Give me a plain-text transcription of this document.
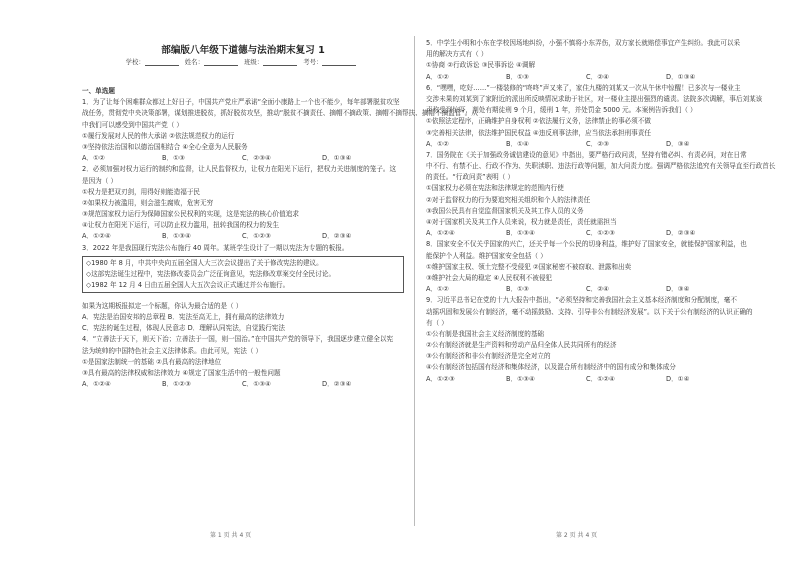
部编版八年级下道德与法治期末复习 1
学校：	姓名：	班级：	考号：
一、单选题
1．为了让每个困难群众都过上好日子，中国共产党庄严承诺“全面小康路上一个也不能少，每年部署脱贫攻坚
战任务，贯彻党中央决策部署，谋划推进脱贫，抓好脱贫攻坚，推动“脱贫不摘责任、摘帽不摘政策、摘帽不摘帮扶、摘帽不摘监管”。从
中我们可以感受到中国共产党（ ）
①履行发展对人民的伟大承诺 ②依法规范权力的运行
③坚持依法治国和以德治国相结合 ④全心全意为人民服务
A．①②	B．①③	C．②③④	D．①③④
2．必须加强对权力运行的制约和监督，让人民监督权力，让权力在阳光下运行，把权力关进制度的笼子。这
是因为（ ）
①权力是把双刃剑，用得好则能造福于民
②如果权力被滥用，则会滋生腐败，危害无穷
③规范国家权力运行为保障国家公民权利的实现，这是宪法的核心价值追求
④让权力在阳光下运行，可以防止权力滥用，扭转我国的权力的发生
A．①②④	B．①③④	C．①②③	D．②③④
3．2022 年是我国现行宪法公布施行 40 周年。某班学生设计了一期以宪法为专题的板报。
◇1980 年 8 月，中共中央向五届全国人大三次会议提出了关于修改宪法的建议。
◇这部宪法诞生过程中，宪法修改委员会广泛征询意见，宪法修改草案交付全民讨论。
◇1982 年 12 月 4 日由五届全国人大五次会议正式通过并公布施行。
如果为这期板报拟定一个标题，你认为最合适的是（ ）
A．宪法是治国安邦的总章程 B．宪法至高无上，拥有最高的法律效力
C．宪法的诞生过程，体现人民意志 D．理解认同宪法，自觉践行宪法
4．“立善法于天下，则天下治；立善法于一国，则一国治。”在中国共产党的领导下，我国逐步建立健全以宪
法为统帅的中国特色社会主义法律体系。由此可见，宪法（ ）
①是国家法制统一的基础 ②具有最高的法律地位
③具有最高的法律权威和法律效力 ④规定了国家生活中的一般性问题
A．①②④	B．①②③	C．①③④	D．②③④
5．中学生小明和小东在学校因场地纠纷，小强不慎将小东弄伤，双方家长就赔偿事宜产生纠纷。我此可以采
用的解决方式有（ ）
①协商 ②行政诉讼 ③民事诉讼 ④调解
A．①②	B．①③	C．②④	D．①③④
6．“嘿嘿，吃好……”一楼装修的“咚咚”声又来了，家住九楼的刘某又一次从午休中惊醒！已多次与一楼业主
交涉未果的刘某到了家附近的派出所反映情况求助于社区，对一楼业主提出强烈的谴责。法院多次调解，事后刘某该
声称受到惊吓，判处有期徒刑 9 个月，缓刑 1 年，并处罚金 5000 元。本案例告诉我们（ ）
①依照法定程序，正确维护自身权利 ②依法履行义务，法律禁止的事必须不做
③完善相关法律，依法维护国民权益 ④违反刑事法律，应当依法承担刑事责任
A．①②	B．①④	C．②③	D．③④
7．国务院在《关于加强政务诚信建设的意见》中指出，要严格行政问责，坚持有错必纠、有责必问，对在日常
中不行、有禁不止、行政不作为、失职渎职、违法行政等问题，加大问责力度。强调严格依法追究有关领导直至行政首长
的责任。“行政问责”表明（ ）
①国家权力必须在宪法和法律规定的范围内行使
②对于监督权力的行为要追究相关组织和个人的法律责任
③我国公民具有自觉监督国家机关及其工作人员的义务
④对于国家机关及其工作人员来说，权力就是责任，责任就需担当
A．①②④	B．①③④	C．①②③	D．②③④
8．国家安全不仅关乎国家的兴亡，还关乎每一个公民的切身利益，维护好了国家安全，就能保护国家利益，也
能保护个人利益。维护国家安全包括（ ）
①维护国家主权、领土完整不受侵犯 ②国家秘密不被窃取、泄露和出卖
③维护社会大局的稳定 ④人民权利不被侵犯
A．①②	B．①③	C．②④	D．③④
9．习近平总书记在党的十九大报告中指出，“必须坚持和完善我国社会主义基本经济制度和分配制度，毫不
动摇巩固和发展公有制经济，毫不动摇鼓励、支持、引导非公有制经济发展”。以下关于公有制经济的认识正确的
有（ ）
①公有制是我国社会主义经济制度的基础
②公有制经济就是生产资料和劳动产品归全体人民共同所有的经济
③公有制经济和非公有制经济是完全对立的
④公有制经济包括国有经济和集体经济，以及混合所有制经济中的国有成分和集体成分
A．①②③	B．①③④	C．①②④	D．①④
第 1 页 共 4 页	第 2 页 共 4 页
